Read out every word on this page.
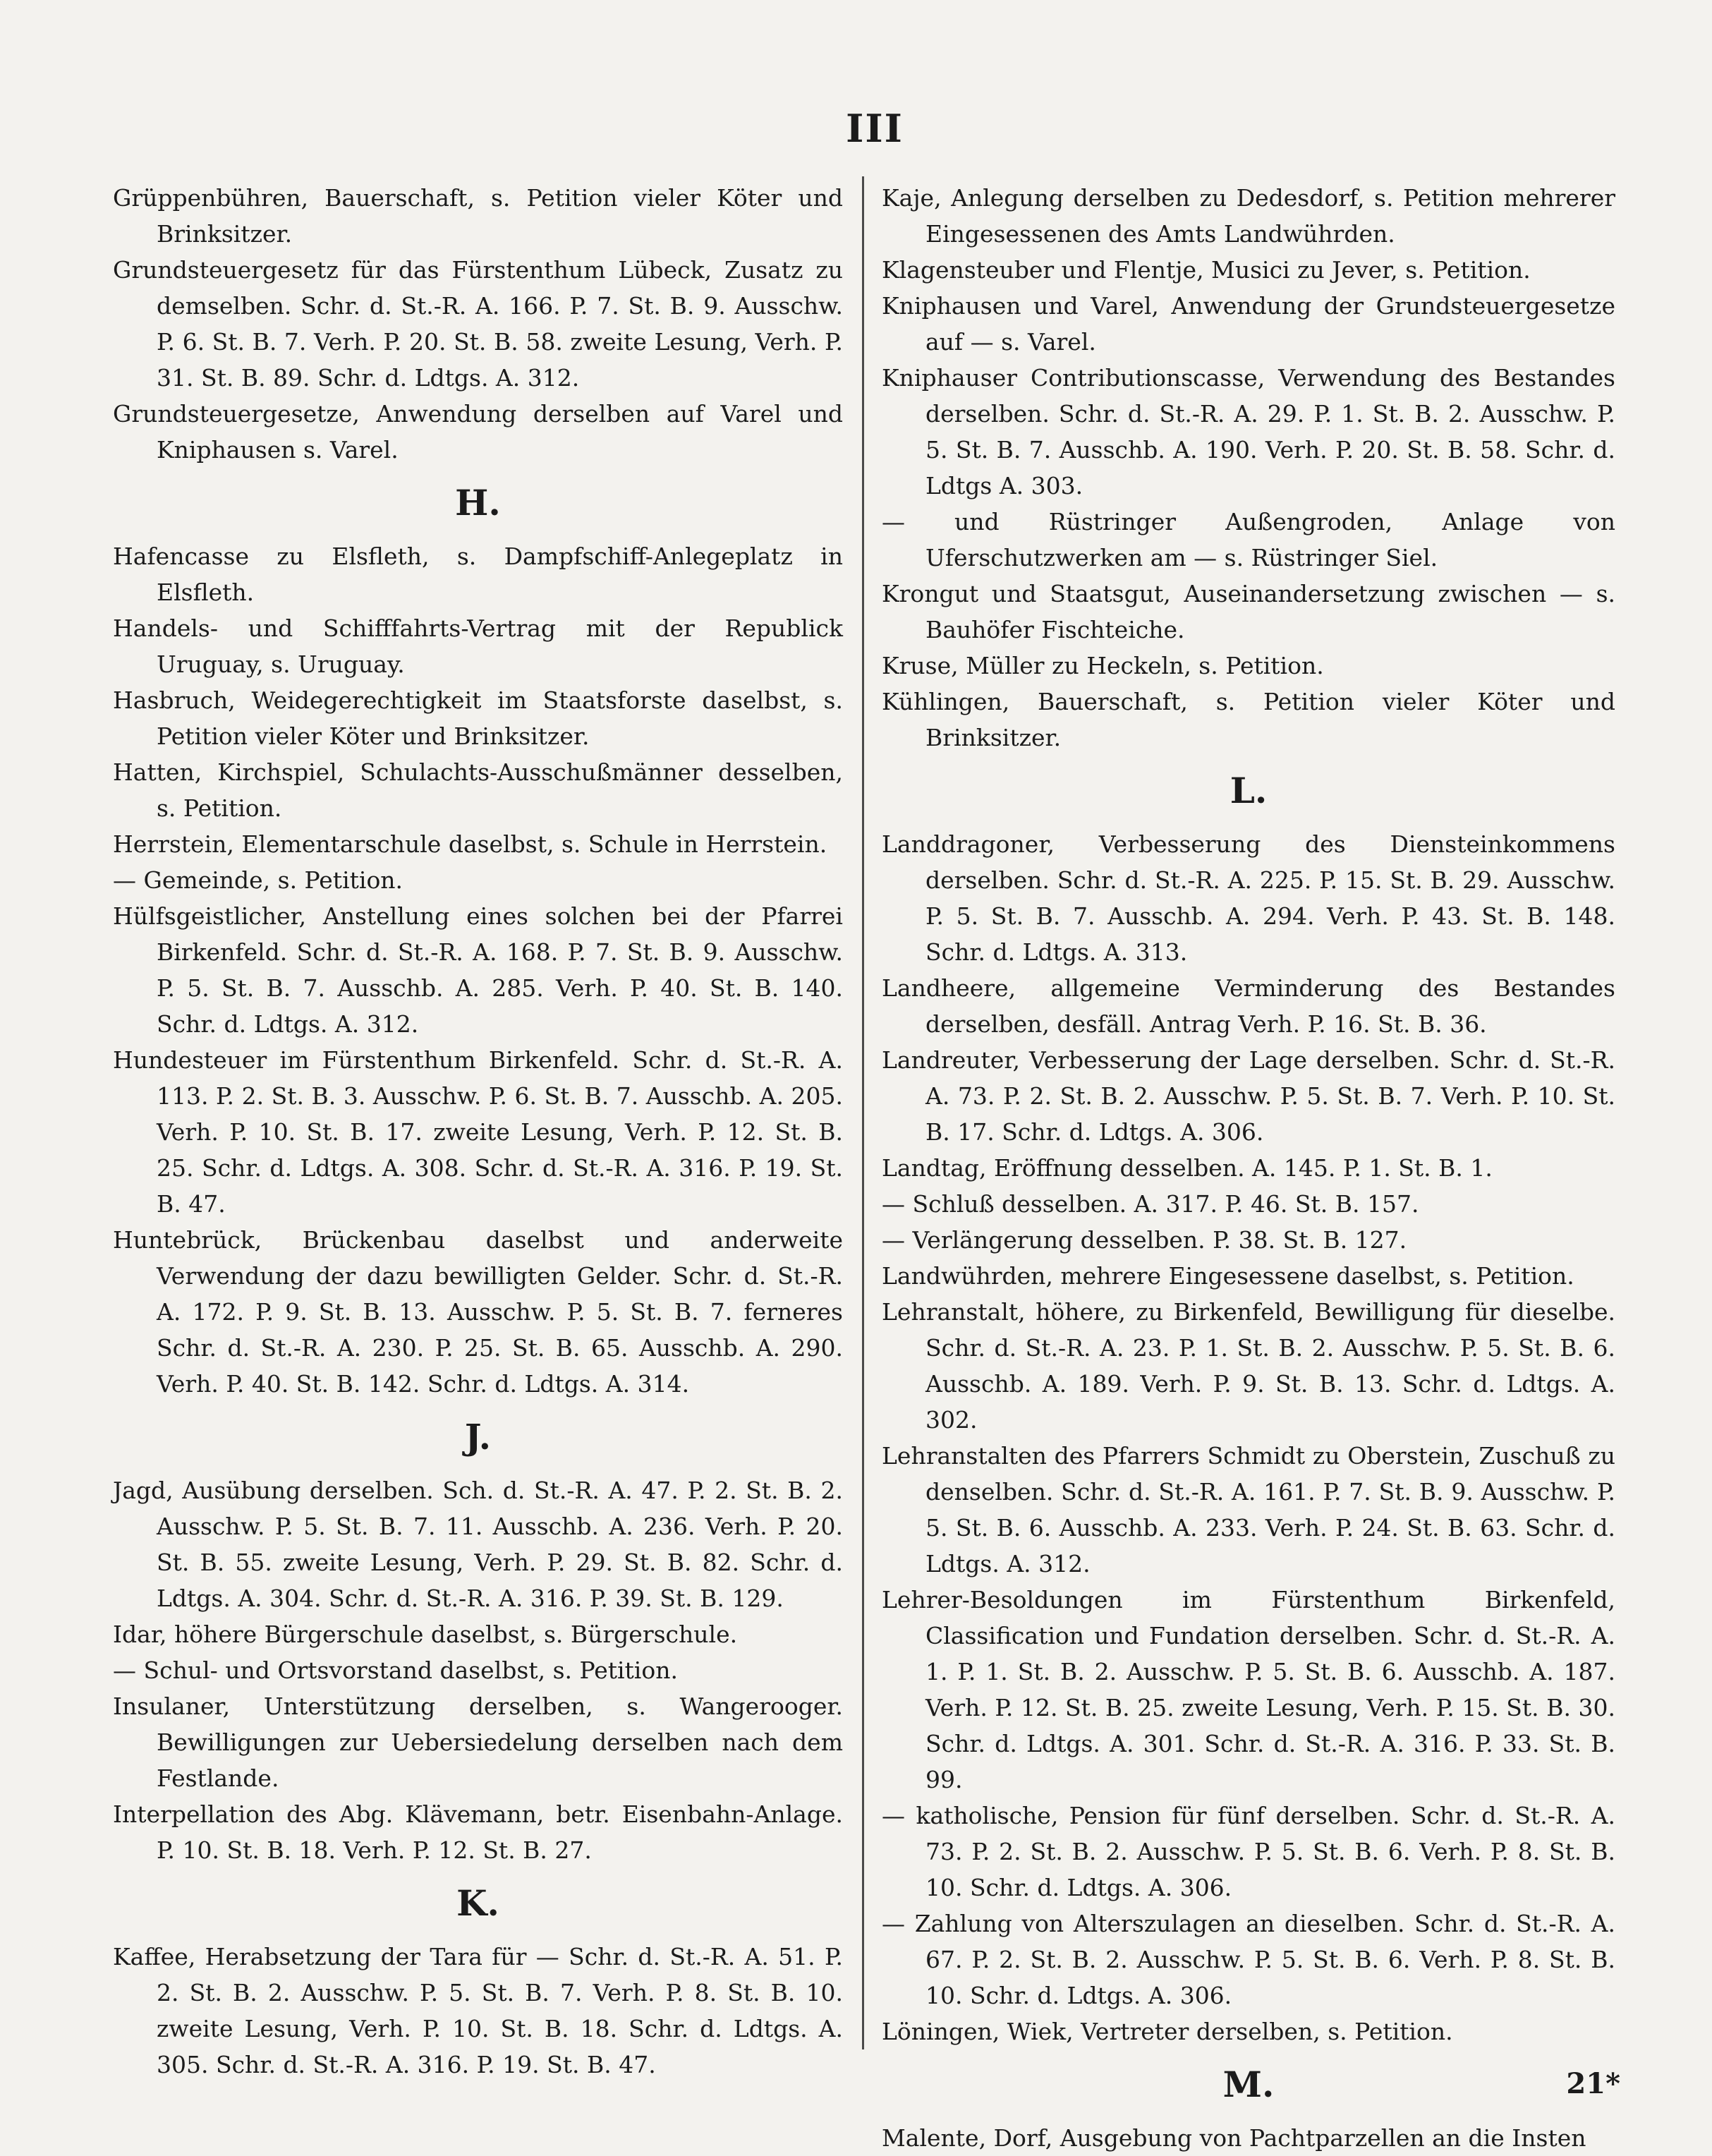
III

Grüppenbühren, Bauerschaft, s. Petition vieler Köter und Brinksitzer.

Grundsteuergesetz für das Fürstenthum Lübeck, Zusatz zu demselben. Schr. d. St.-R. A. 166. P. 7. St. B. 9. Ausschw. P. 6. St. B. 7. Verh. P. 20. St. B. 58. zweite Lesung, Verh. P. 31. St. B. 89. Schr. d. Ldtgs. A. 312.

Grundsteuergesetze, Anwendung derselben auf Varel und Kniphausen s. Varel.

H.

Hafencasse zu Elsfleth, s. Dampfschiff-Anlegeplatz in Elsfleth.

Handels- und Schifffahrts-Vertrag mit der Republick Uruguay, s. Uruguay.

Hasbruch, Weidegerechtigkeit im Staatsforste daselbst, s. Petition vieler Köter und Brinksitzer.

Hatten, Kirchspiel, Schulachts-Ausschußmänner desselben, s. Petition.

Herrstein, Elementarschule daselbst, s. Schule in Herrstein.

— Gemeinde, s. Petition.

Hülfsgeistlicher, Anstellung eines solchen bei der Pfarrei Birkenfeld. Schr. d. St.-R. A. 168. P. 7. St. B. 9. Ausschw. P. 5. St. B. 7. Ausschb. A. 285. Verh. P. 40. St. B. 140. Schr. d. Ldtgs. A. 312.

Hundesteuer im Fürstenthum Birkenfeld. Schr. d. St.-R. A. 113. P. 2. St. B. 3. Ausschw. P. 6. St. B. 7. Ausschb. A. 205. Verh. P. 10. St. B. 17. zweite Lesung, Verh. P. 12. St. B. 25. Schr. d. Ldtgs. A. 308. Schr. d. St.-R. A. 316. P. 19. St. B. 47.

Huntebrück, Brückenbau daselbst und anderweite Verwendung der dazu bewilligten Gelder. Schr. d. St.-R. A. 172. P. 9. St. B. 13. Ausschw. P. 5. St. B. 7. ferneres Schr. d. St.-R. A. 230. P. 25. St. B. 65. Ausschb. A. 290. Verh. P. 40. St. B. 142. Schr. d. Ldtgs. A. 314.

J.

Jagd, Ausübung derselben. Sch. d. St.-R. A. 47. P. 2. St. B. 2. Ausschw. P. 5. St. B. 7. 11. Ausschb. A. 236. Verh. P. 20. St. B. 55. zweite Lesung, Verh. P. 29. St. B. 82. Schr. d. Ldtgs. A. 304. Schr. d. St.-R. A. 316. P. 39. St. B. 129.

Idar, höhere Bürgerschule daselbst, s. Bürgerschule.

— Schul- und Ortsvorstand daselbst, s. Petition.

Insulaner, Unterstützung derselben, s. Wangerooger. Bewilligungen zur Uebersiedelung derselben nach dem Festlande.

Interpellation des Abg. Klävemann, betr. Eisenbahn-Anlage. P. 10. St. B. 18. Verh. P. 12. St. B. 27.

K.

Kaffee, Herabsetzung der Tara für — Schr. d. St.-R. A. 51. P. 2. St. B. 2. Ausschw. P. 5. St. B. 7. Verh. P. 8. St. B. 10. zweite Lesung, Verh. P. 10. St. B. 18. Schr. d. Ldtgs. A. 305. Schr. d. St.-R. A. 316. P. 19. St. B. 47.

Kaje, Anlegung derselben zu Dedesdorf, s. Petition mehrerer Eingesessenen des Amts Landwührden.

Klagensteuber und Flentje, Musici zu Jever, s. Petition.

Kniphausen und Varel, Anwendung der Grundsteuergesetze auf — s. Varel.

Kniphauser Contributionscasse, Verwendung des Bestandes derselben. Schr. d. St.-R. A. 29. P. 1. St. B. 2. Ausschw. P. 5. St. B. 7. Ausschb. A. 190. Verh. P. 20. St. B. 58. Schr. d. Ldtgs A. 303.

— und Rüstringer Außengroden, Anlage von Uferschutzwerken am — s. Rüstringer Siel.

Krongut und Staatsgut, Auseinandersetzung zwischen — s. Bauhöfer Fischteiche.

Kruse, Müller zu Heckeln, s. Petition.

Kühlingen, Bauerschaft, s. Petition vieler Köter und Brinksitzer.

L.

Landdragoner, Verbesserung des Diensteinkommens derselben. Schr. d. St.-R. A. 225. P. 15. St. B. 29. Ausschw. P. 5. St. B. 7. Ausschb. A. 294. Verh. P. 43. St. B. 148. Schr. d. Ldtgs. A. 313.

Landheere, allgemeine Verminderung des Bestandes derselben, desfäll. Antrag Verh. P. 16. St. B. 36.

Landreuter, Verbesserung der Lage derselben. Schr. d. St.-R. A. 73. P. 2. St. B. 2. Ausschw. P. 5. St. B. 7. Verh. P. 10. St. B. 17. Schr. d. Ldtgs. A. 306.

Landtag, Eröffnung desselben. A. 145. P. 1. St. B. 1.

— Schluß desselben. A. 317. P. 46. St. B. 157.

— Verlängerung desselben. P. 38. St. B. 127.

Landwührden, mehrere Eingesessene daselbst, s. Petition.

Lehranstalt, höhere, zu Birkenfeld, Bewilligung für dieselbe. Schr. d. St.-R. A. 23. P. 1. St. B. 2. Ausschw. P. 5. St. B. 6. Ausschb. A. 189. Verh. P. 9. St. B. 13. Schr. d. Ldtgs. A. 302.

Lehranstalten des Pfarrers Schmidt zu Oberstein, Zuschuß zu denselben. Schr. d. St.-R. A. 161. P. 7. St. B. 9. Ausschw. P. 5. St. B. 6. Ausschb. A. 233. Verh. P. 24. St. B. 63. Schr. d. Ldtgs. A. 312.

Lehrer-Besoldungen im Fürstenthum Birkenfeld, Classification und Fundation derselben. Schr. d. St.-R. A. 1. P. 1. St. B. 2. Ausschw. P. 5. St. B. 6. Ausschb. A. 187. Verh. P. 12. St. B. 25. zweite Lesung, Verh. P. 15. St. B. 30. Schr. d. Ldtgs. A. 301. Schr. d. St.-R. A. 316. P. 33. St. B. 99.

— katholische, Pension für fünf derselben. Schr. d. St.-R. A. 73. P. 2. St. B. 2. Ausschw. P. 5. St. B. 6. Verh. P. 8. St. B. 10. Schr. d. Ldtgs. A. 306.

— Zahlung von Alterszulagen an dieselben. Schr. d. St.-R. A. 67. P. 2. St. B. 2. Ausschw. P. 5. St. B. 6. Verh. P. 8. St. B. 10. Schr. d. Ldtgs. A. 306.

Löningen, Wiek, Vertreter derselben, s. Petition.

M.

Malente, Dorf, Ausgebung von Pachtparzellen an die Insten

21*
